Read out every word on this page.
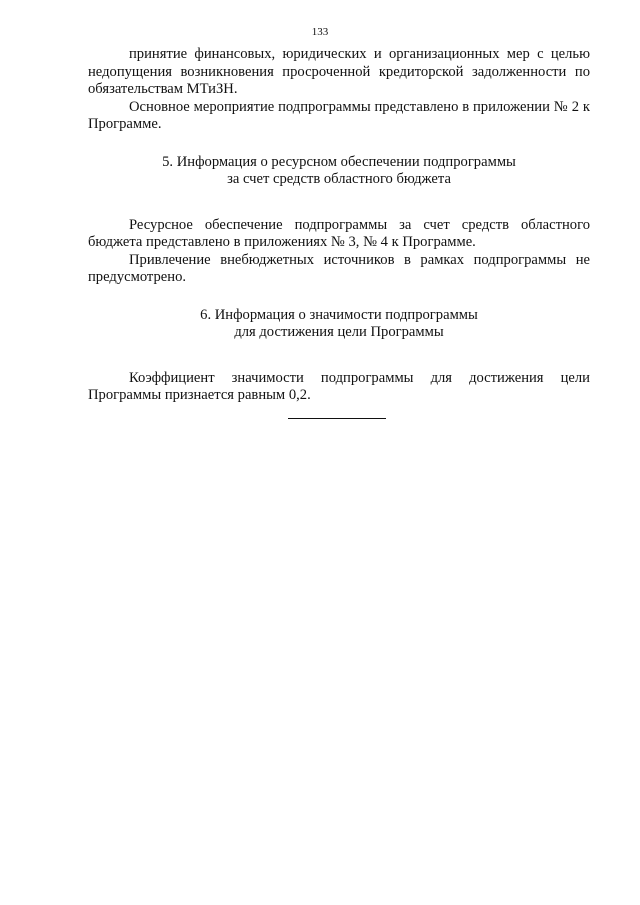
133

принятие финансовых, юридических и организационных мер с целью недопущения возникновения просроченной кредиторской задолженности по обязательствам МТиЗН.

Основное мероприятие подпрограммы представлено в приложении № 2 к Программе.

5. Информация о ресурсном обеспечении подпрограммы
за счет средств областного бюджета

Ресурсное обеспечение подпрограммы за счет средств областного бюджета представлено в приложениях № 3, № 4 к Программе.

Привлечение внебюджетных источников в рамках подпрограммы не предусмотрено.

6. Информация о значимости подпрограммы
для достижения цели Программы

Коэффициент значимости подпрограммы для достижения цели Программы признается равным 0,2.
